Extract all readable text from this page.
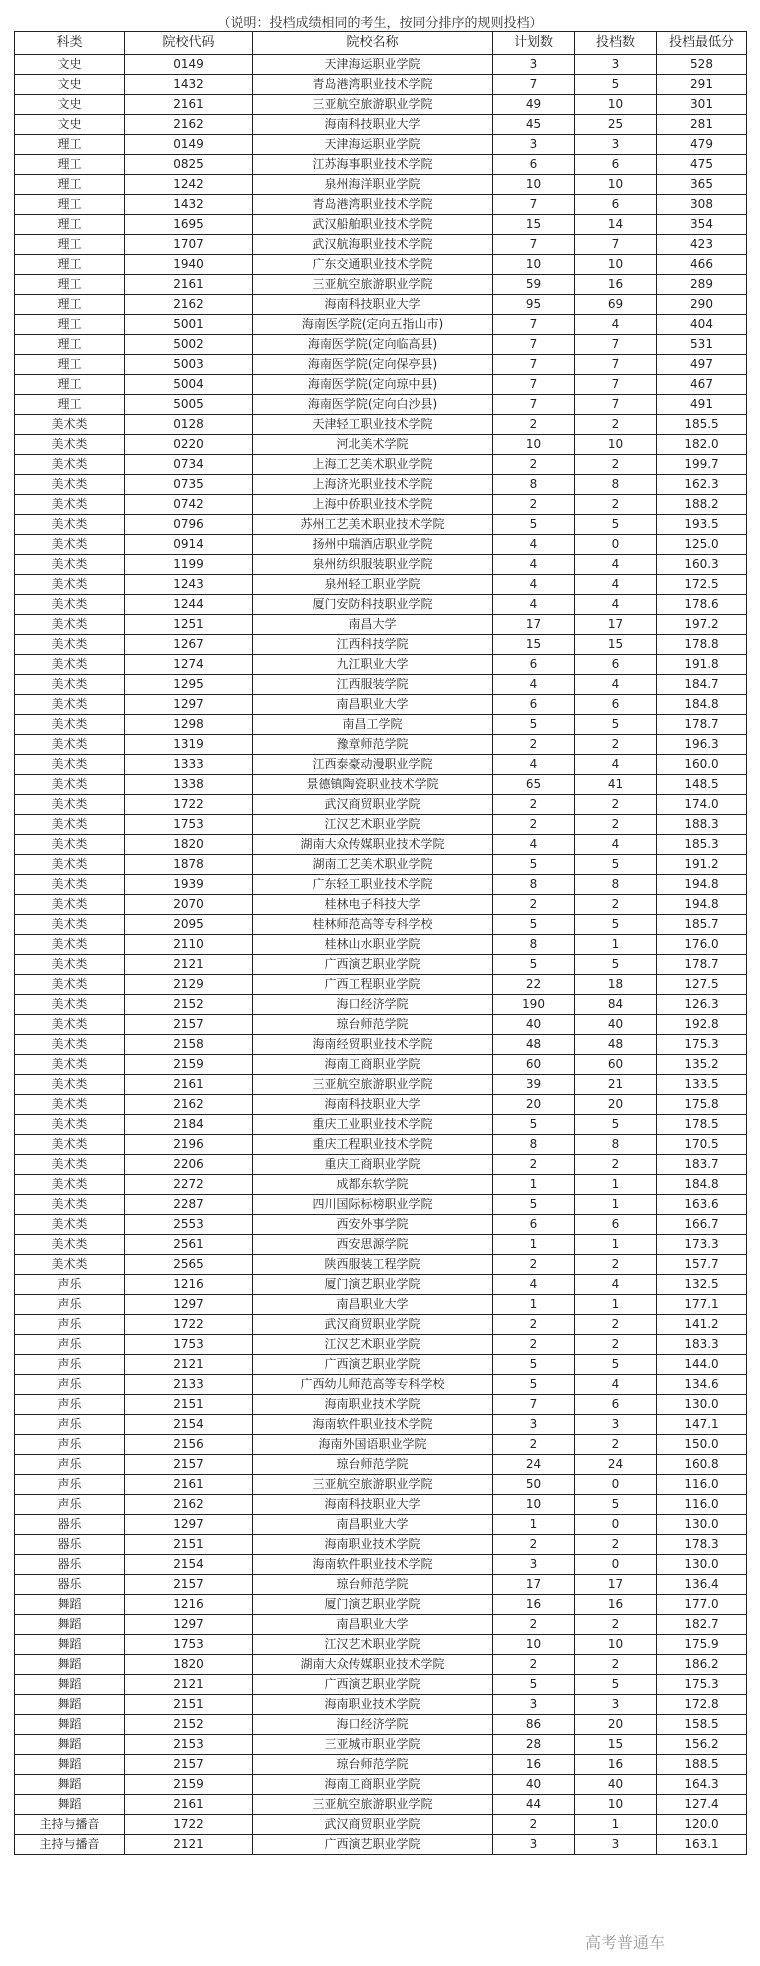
（说明：投档成绩相同的考生，按同分排序的规则投档）
科类	院校代码	院校名称	计划数	投档数	投档最低分
文史	0149	天津海运职业学院	3	3	528
文史	1432	青岛港湾职业技术学院	7	5	291
文史	2161	三亚航空旅游职业学院	49	10	301
文史	2162	海南科技职业大学	45	25	281
理工	0149	天津海运职业学院	3	3	479
理工	0825	江苏海事职业技术学院	6	6	475
理工	1242	泉州海洋职业学院	10	10	365
理工	1432	青岛港湾职业技术学院	7	6	308
理工	1695	武汉船舶职业技术学院	15	14	354
理工	1707	武汉航海职业技术学院	7	7	423
理工	1940	广东交通职业技术学院	10	10	466
理工	2161	三亚航空旅游职业学院	59	16	289
理工	2162	海南科技职业大学	95	69	290
理工	5001	海南医学院(定向五指山市)	7	4	404
理工	5002	海南医学院(定向临高县)	7	7	531
理工	5003	海南医学院(定向保亭县)	7	7	497
理工	5004	海南医学院(定向琼中县)	7	7	467
理工	5005	海南医学院(定向白沙县)	7	7	491
美术类	0128	天津轻工职业技术学院	2	2	185.5
美术类	0220	河北美术学院	10	10	182.0
美术类	0734	上海工艺美术职业学院	2	2	199.7
美术类	0735	上海济光职业技术学院	8	8	162.3
美术类	0742	上海中侨职业技术学院	2	2	188.2
美术类	0796	苏州工艺美术职业技术学院	5	5	193.5
美术类	0914	扬州中瑞酒店职业学院	4	0	125.0
美术类	1199	泉州纺织服装职业学院	4	4	160.3
美术类	1243	泉州轻工职业学院	4	4	172.5
美术类	1244	厦门安防科技职业学院	4	4	178.6
美术类	1251	南昌大学	17	17	197.2
美术类	1267	江西科技学院	15	15	178.8
美术类	1274	九江职业大学	6	6	191.8
美术类	1295	江西服装学院	4	4	184.7
美术类	1297	南昌职业大学	6	6	184.8
美术类	1298	南昌工学院	5	5	178.7
美术类	1319	豫章师范学院	2	2	196.3
美术类	1333	江西泰豪动漫职业学院	4	4	160.0
美术类	1338	景德镇陶瓷职业技术学院	65	41	148.5
美术类	1722	武汉商贸职业学院	2	2	174.0
美术类	1753	江汉艺术职业学院	2	2	188.3
美术类	1820	湖南大众传媒职业技术学院	4	4	185.3
美术类	1878	湖南工艺美术职业学院	5	5	191.2
美术类	1939	广东轻工职业技术学院	8	8	194.8
美术类	2070	桂林电子科技大学	2	2	194.8
美术类	2095	桂林师范高等专科学校	5	5	185.7
美术类	2110	桂林山水职业学院	8	1	176.0
美术类	2121	广西演艺职业学院	5	5	178.7
美术类	2129	广西工程职业学院	22	18	127.5
美术类	2152	海口经济学院	190	84	126.3
美术类	2157	琼台师范学院	40	40	192.8
美术类	2158	海南经贸职业技术学院	48	48	175.3
美术类	2159	海南工商职业学院	60	60	135.2
美术类	2161	三亚航空旅游职业学院	39	21	133.5
美术类	2162	海南科技职业大学	20	20	175.8
美术类	2184	重庆工业职业技术学院	5	5	178.5
美术类	2196	重庆工程职业技术学院	8	8	170.5
美术类	2206	重庆工商职业学院	2	2	183.7
美术类	2272	成都东软学院	1	1	184.8
美术类	2287	四川国际标榜职业学院	5	1	163.6
美术类	2553	西安外事学院	6	6	166.7
美术类	2561	西安思源学院	1	1	173.3
美术类	2565	陕西服装工程学院	2	2	157.7
声乐	1216	厦门演艺职业学院	4	4	132.5
声乐	1297	南昌职业大学	1	1	177.1
声乐	1722	武汉商贸职业学院	2	2	141.2
声乐	1753	江汉艺术职业学院	2	2	183.3
声乐	2121	广西演艺职业学院	5	5	144.0
声乐	2133	广西幼儿师范高等专科学校	5	4	134.6
声乐	2151	海南职业技术学院	7	6	130.0
声乐	2154	海南软件职业技术学院	3	3	147.1
声乐	2156	海南外国语职业学院	2	2	150.0
声乐	2157	琼台师范学院	24	24	160.8
声乐	2161	三亚航空旅游职业学院	50	0	116.0
声乐	2162	海南科技职业大学	10	5	116.0
器乐	1297	南昌职业大学	1	0	130.0
器乐	2151	海南职业技术学院	2	2	178.3
器乐	2154	海南软件职业技术学院	3	0	130.0
器乐	2157	琼台师范学院	17	17	136.4
舞蹈	1216	厦门演艺职业学院	16	16	177.0
舞蹈	1297	南昌职业大学	2	2	182.7
舞蹈	1753	江汉艺术职业学院	10	10	175.9
舞蹈	1820	湖南大众传媒职业技术学院	2	2	186.2
舞蹈	2121	广西演艺职业学院	5	5	175.3
舞蹈	2151	海南职业技术学院	3	3	172.8
舞蹈	2152	海口经济学院	86	20	158.5
舞蹈	2153	三亚城市职业学院	28	15	156.2
舞蹈	2157	琼台师范学院	16	16	188.5
舞蹈	2159	海南工商职业学院	40	40	164.3
舞蹈	2161	三亚航空旅游职业学院	44	10	127.4
主持与播音	1722	武汉商贸职业学院	2	1	120.0
主持与播音	2121	广西演艺职业学院	3	3	163.1
高考普通车
